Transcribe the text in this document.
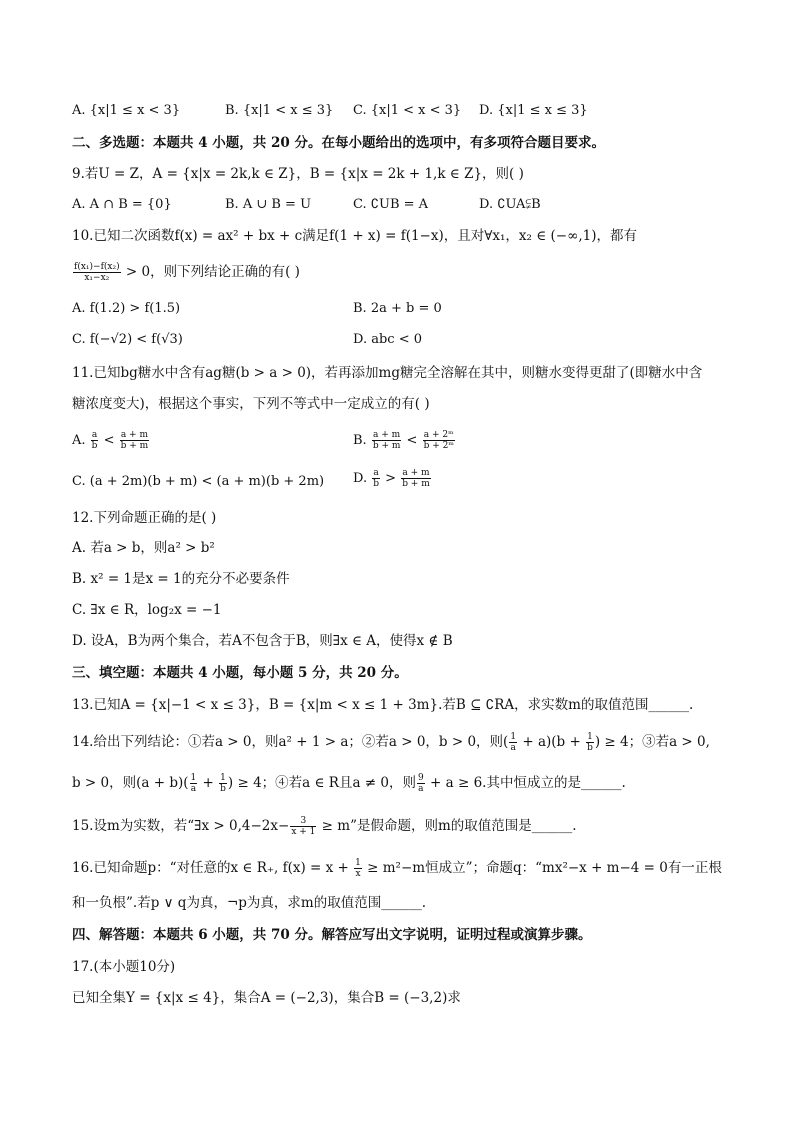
A. {x|1 ≤ x < 3}	B. {x|1 < x ≤ 3} C. {x|1 < x < 3} D. {x|1 ≤ x ≤ 3}
二、多选题：本题共 4 小题，共 20 分。在每小题给出的选项中，有多项符合题目要求。
9.若U = Z，A = {x|x = 2k,k ∈ Z}，B = {x|x = 2k + 1,k ∈ Z}，则( )
A. A ∩ B = {0}	B. A ∪ B = U	C. ∁UB = A	D. ∁UA⫋B
10.已知二次函数f(x) = ax² + bx + c满足f(1 + x) = f(1−x)，且对∀x₁，x₂ ∈ (−∞,1)，都有
$\frac{\text{f(x₁)−f(x₂)}}{\text{x₁−x₂}} > 0$，则下列结论正确的有( )
A. f(1.2) > f(1.5)	B. 2a + b = 0
C. f(−√2) < f(√3)	D. abc < 0
11.已知bg糖水中含有ag糖(b > a > 0)，若再添加mg糖完全溶解在其中，则糖水变得更甜了(即糖水中含
糖浓度变大)，根据这个事实，下列不等式中一定成立的有( )
A. $\frac{a}{b} < \frac{a + m}{b + m}$	B. $\frac{a + m}{b + m} < \frac{\text{a + 2ᵐ}}{\text{b + 2ᵐ}}$
C. (a + 2m)(b + m) < (a + m)(b + 2m) D. $\frac{a}{b} > \frac{a + m}{b + m}$
12.下列命题正确的是( )
A. 若a > b，则a² > b²
B. x² = 1是x = 1的充分不必要条件
C. ∃x ∈ R，log₂x = −1
D. 设A，B为两个集合，若A不包含于B，则∃x ∈ A，使得x ∉ B
三、填空题：本题共 4 小题，每小题 5 分，共 20 分。
13.已知A = {x|−1 < x ≤ 3}，B = {x|m < x ≤ 1 + 3m}.若B ⊆ ∁RA，求实数m的取值范围______.
14.给出下列结论：①若a > 0，则a² + 1 > a；②若a > 0，b > 0，则( $\frac{1}{a} + a)(b + \frac{1}{b}$ ) ≥ 4；③若a > 0,
b > 0，则$(a + b)( \frac{1}{a} + \frac{1}{b}$ ) ≥ 4；④若a ∈ R且a ≠ 0，则 $\frac{9}{a} + a \ge 6$.其中恒成立的是______.
15.设m为实数，若“∃x > $0,4-2x- \frac{3}{x + 1} \ge m$”是假命题，则m的取值范围是______.
16.已知命题p：“对任意的x ∈ R₊, $f(x) = x + \frac{1}{x} \ge m^2-m$恒成立”；命题q：“mx²−x + m−4 = 0有一正根
和一负根”.若p ∨ q为真，¬p为真，求m的取值范围______.
四、解答题：本题共 6 小题，共 70 分。解答应写出文字说明，证明过程或演算步骤。
17.(本小题10分)
已知全集Y = {x|x ≤ 4}，集合A = (−2,3)，集合B = (−3,2)求
